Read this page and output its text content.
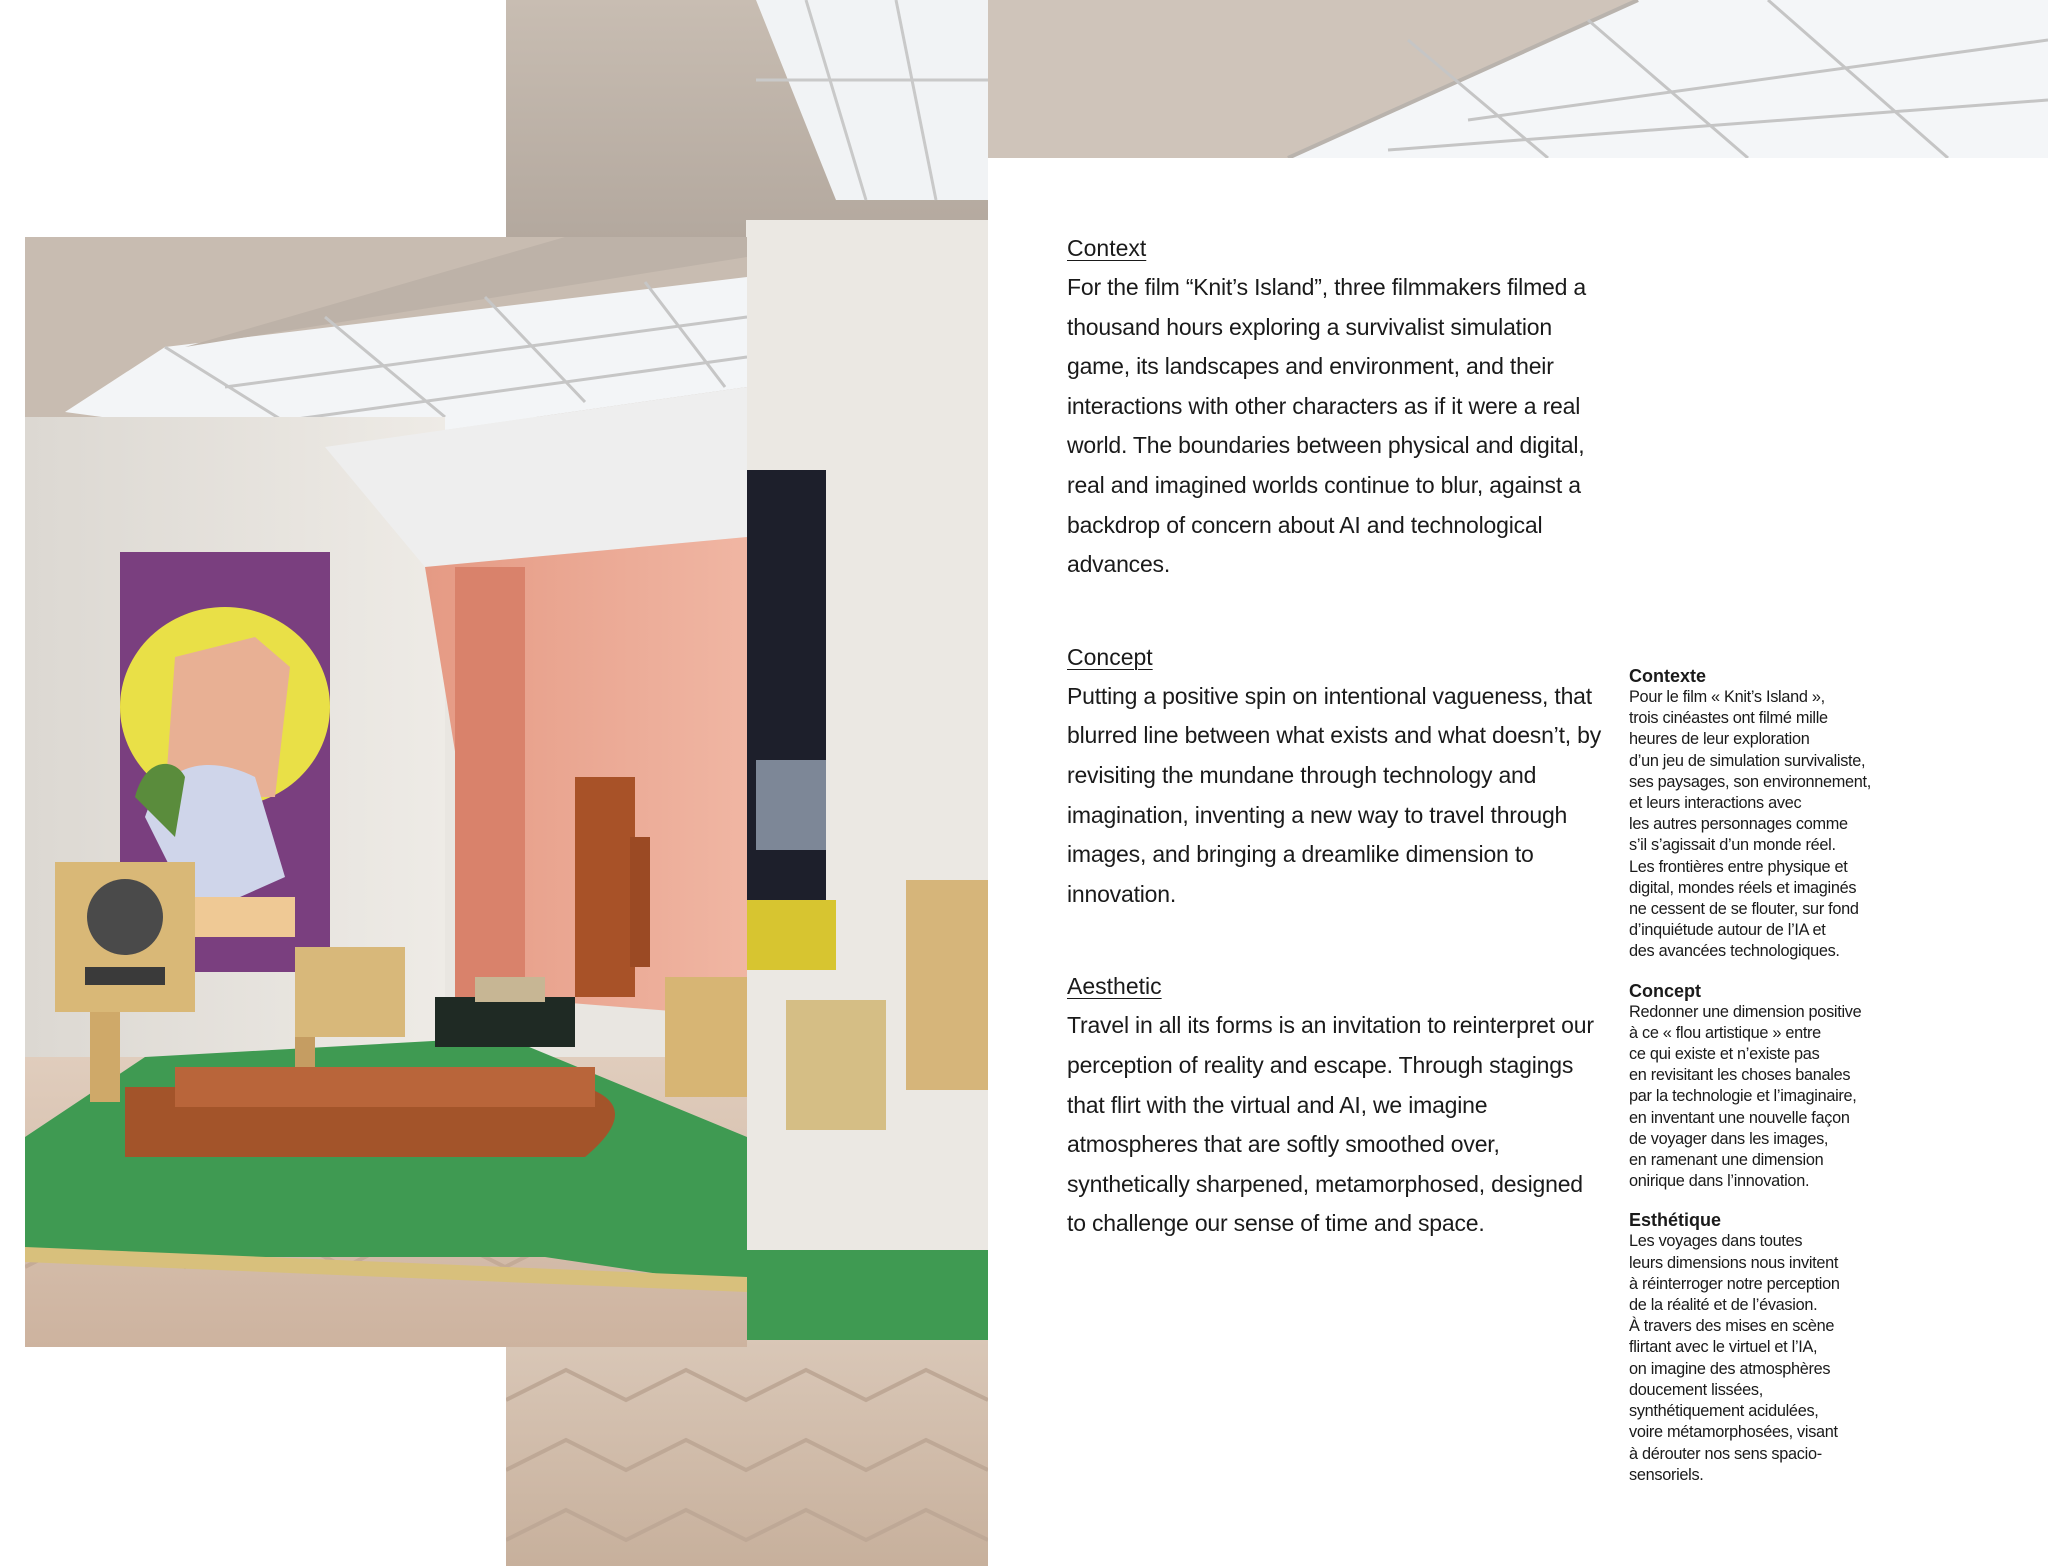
Context

For the film “Knit’s Island”, three filmmakers filmed a thousand hours exploring a survivalist simulation game, its landscapes and environment, and their interactions with other characters as if it were a real world. The boundaries between physical and digital, real and imagined worlds continue to blur, against a backdrop of concern about AI and technological advances.

Concept

Putting a positive spin on intentional vagueness, that blurred line between what exists and what doesn’t, by revisiting the mundane through technology and imagination, inventing a new way to travel through images, and bringing a dreamlike dimension to innovation.

Aesthetic

Travel in all its forms is an invitation to reinterpret our perception of reality and escape. Through stagings that flirt with the virtual and AI, we imagine atmospheres that are softly smoothed over, synthetically sharpened, metamorphosed, designed to challenge our sense of time and space.

Contexte

Pour le film « Knit’s Island »,
trois cinéastes ont filmé mille
heures de leur exploration
d’un jeu de simulation survivaliste,
ses paysages, son environnement,
et leurs interactions avec
les autres personnages comme
s’il s’agissait d’un monde réel.
Les frontières entre physique et
digital, mondes réels et imaginés
ne cessent de se flouter, sur fond
d’inquiétude autour de l’IA et
des avancées technologiques.

Concept

Redonner une dimension positive
à ce « flou artistique » entre
ce qui existe et n’existe pas
en revisitant les choses banales
par la technologie et l’imaginaire,
en inventant une nouvelle façon
de voyager dans les images,
en ramenant une dimension
onirique dans l’innovation.

Esthétique

Les voyages dans toutes
leurs dimensions nous invitent
à réinterroger notre perception
de la réalité et de l’évasion.
À travers des mises en scène
flirtant avec le virtuel et l’IA,
on imagine des atmosphères
doucement lissées,
synthétiquement acidulées,
voire métamorphosées, visant
à dérouter nos sens spacio-
sensoriels.
